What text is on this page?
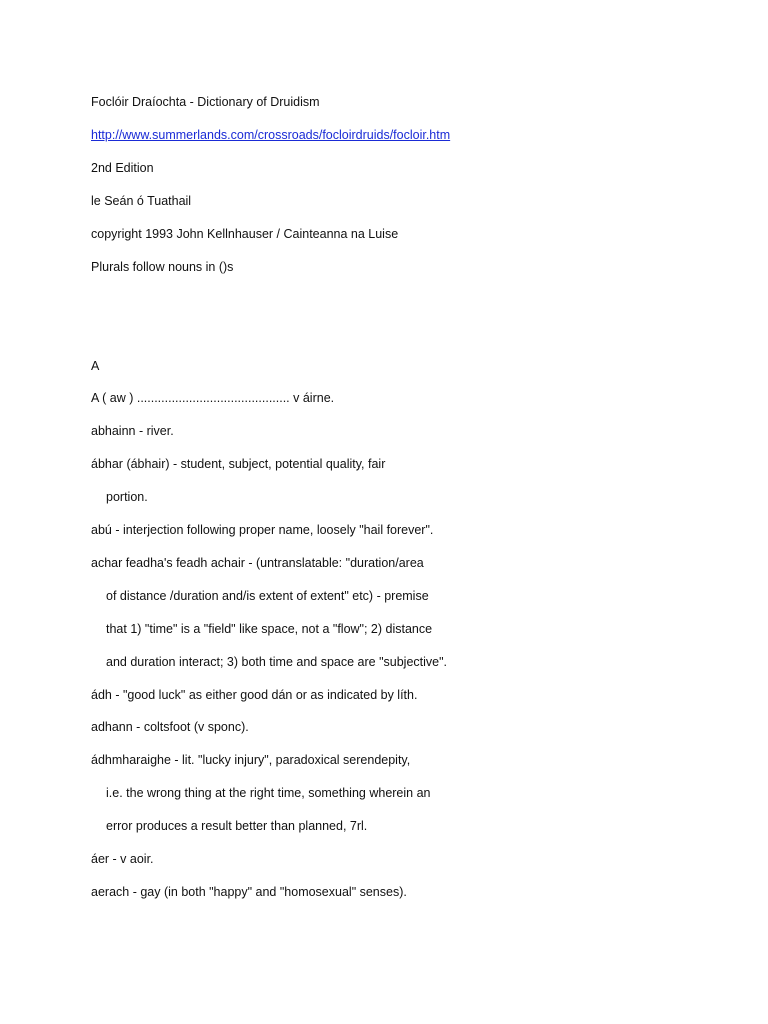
Foclóir Draíochta - Dictionary of Druidism
http://www.summerlands.com/crossroads/focloirdruids/focloir.htm
2nd Edition
le Seán ó Tuathail
copyright 1993 John Kellnhauser / Cainteanna na Luise
Plurals follow nouns in ()s
A
A ( aw ) ............................................ v áirne.
abhainn - river.
ábhar (ábhair) - student, subject, potential quality, fair
portion.
abú - interjection following proper name, loosely "hail forever".
achar feadha's feadh achair - (untranslatable: "duration/area
of distance /duration and/is extent of extent" etc) - premise
that 1) "time" is a "field" like space, not a "flow"; 2) distance
and duration interact; 3) both time and space are "subjective".
ádh - "good luck" as either good dán or as indicated by líth.
adhann - coltsfoot (v sponc).
ádhmharaighe - lit. "lucky injury", paradoxical serendepity,
i.e. the wrong thing at the right time, something wherein an
error produces a result better than planned, 7rl.
áer - v aoir.
aerach - gay (in both "happy" and "homosexual" senses).
